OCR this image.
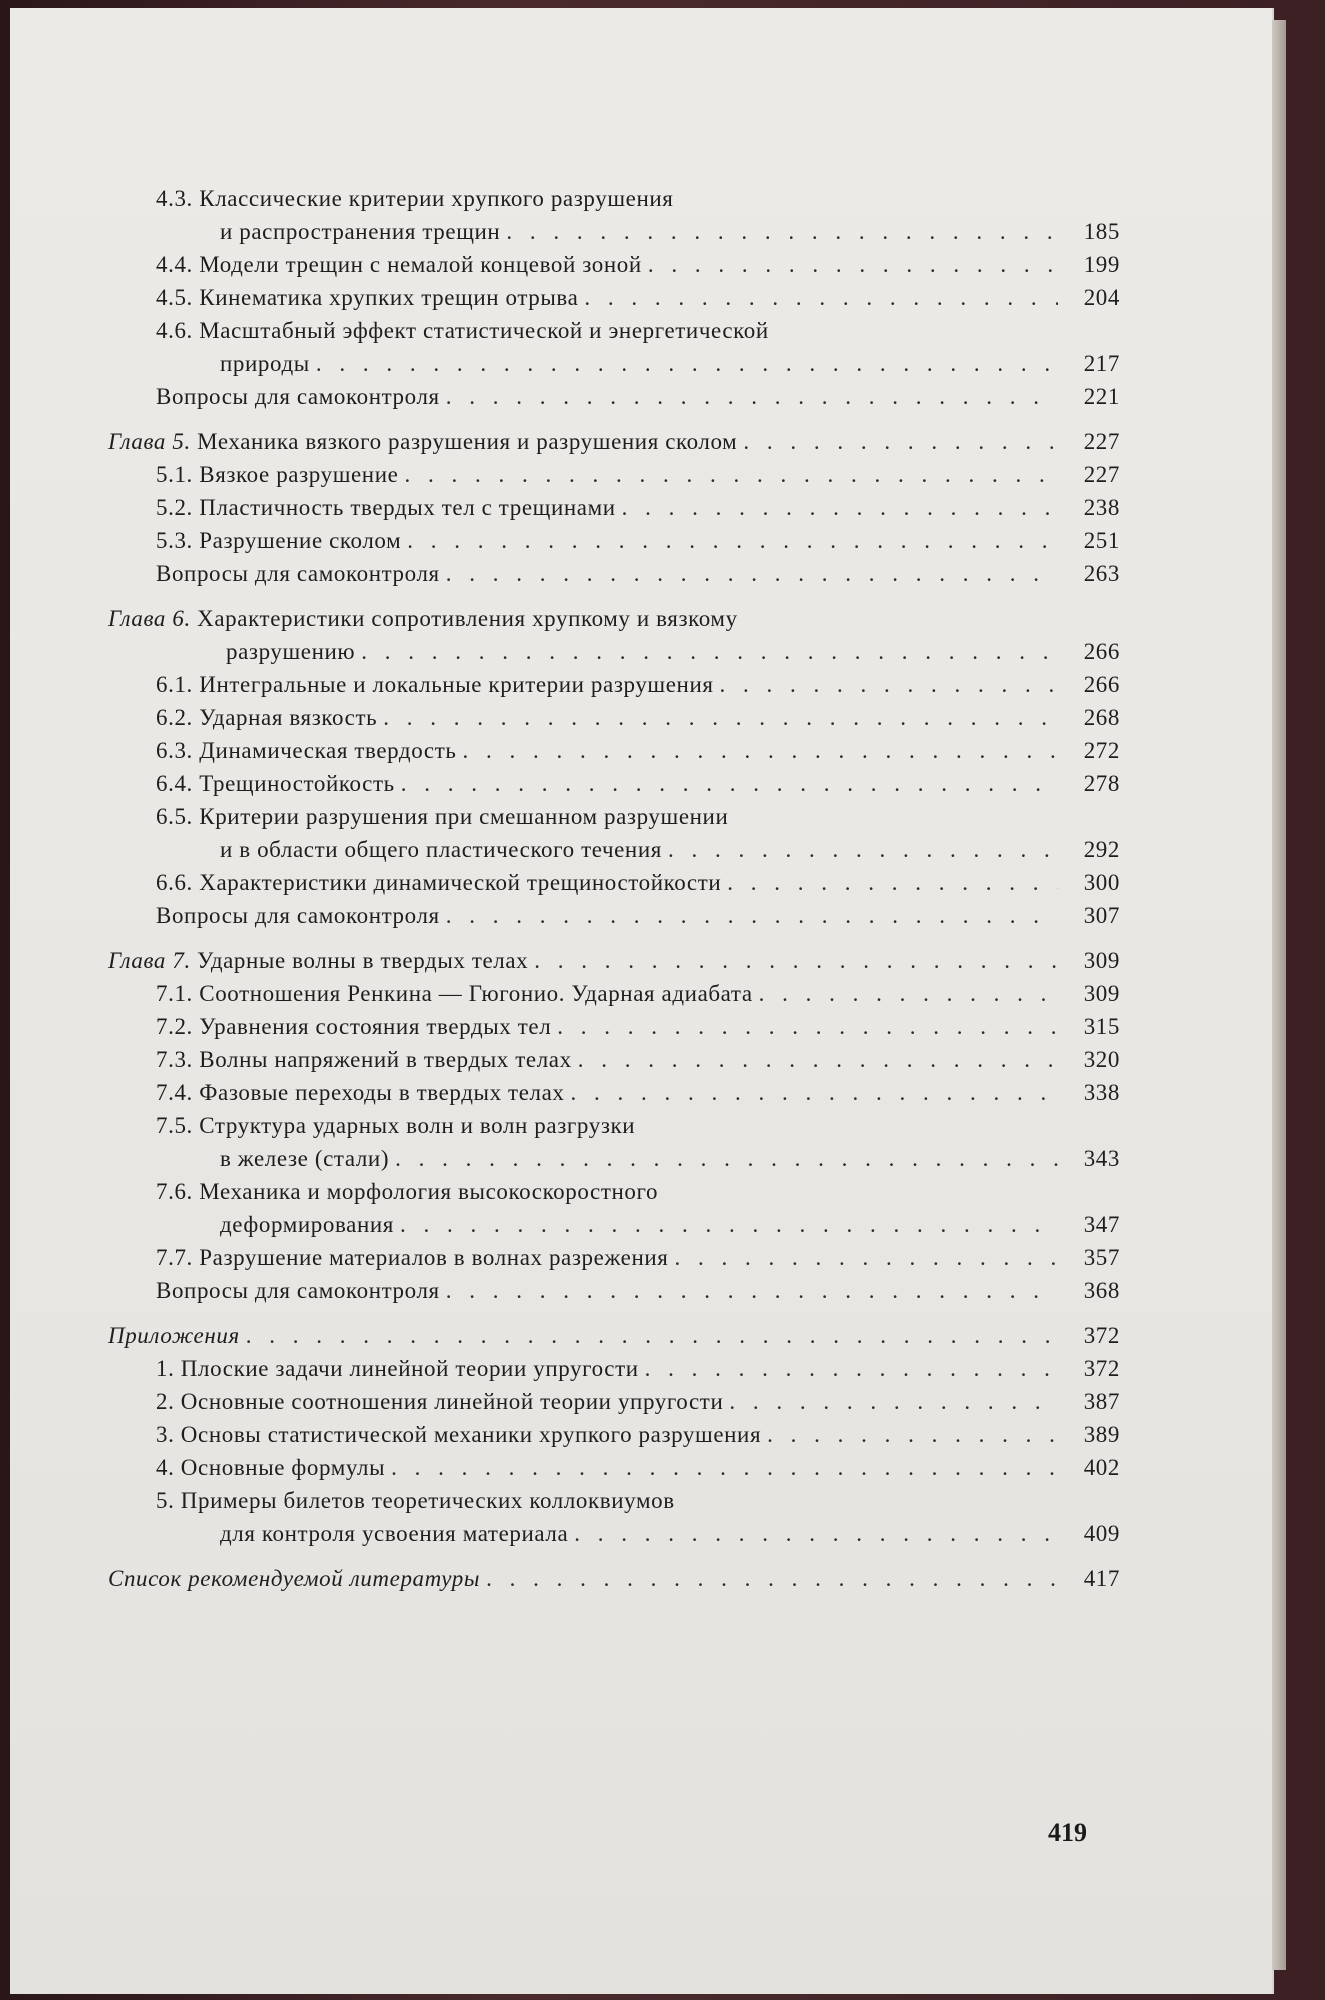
4.3. Классические критерии хрупкого разрушения
и распространения трещин . . .	185
4.4. Модели трещин с немалой концевой зоной . . .	199
4.5. Кинематика хрупких трещин отрыва . . .	204
4.6. Масштабный эффект статистической и энергетической
природы . . .	217
Вопросы для самоконтроля . . .	221
Глава 5. Механика вязкого разрушения и разрушения сколом . . .	227
5.1. Вязкое разрушение . . .	227
5.2. Пластичность твердых тел с трещинами . . .	238
5.3. Разрушение сколом . . .	251
Вопросы для самоконтроля . . .	263
Глава 6. Характеристики сопротивления хрупкому и вязкому
разрушению . . .	266
6.1. Интегральные и локальные критерии разрушения . . .	266
6.2. Ударная вязкость . . .	268
6.3. Динамическая твердость . . .	272
6.4. Трещиностойкость . . .	278
6.5. Критерии разрушения при смешанном разрушении
и в области общего пластического течения . . .	292
6.6. Характеристики динамической трещиностойкости . . .	300
Вопросы для самоконтроля . . .	307
Глава 7. Ударные волны в твердых телах . . .	309
7.1. Соотношения Ренкина — Гюгонио. Ударная адиабата . . .	309
7.2. Уравнения состояния твердых тел . . .	315
7.3. Волны напряжений в твердых телах . . .	320
7.4. Фазовые переходы в твердых телах . . .	338
7.5. Структура ударных волн и волн разгрузки
в железе (стали) . . .	343
7.6. Механика и морфология высокоскоростного
деформирования . . .	347
7.7. Разрушение материалов в волнах разрежения . . .	357
Вопросы для самоконтроля . . .	368
Приложения . . .	372
1. Плоские задачи линейной теории упругости . . .	372
2. Основные соотношения линейной теории упругости . . .	387
3. Основы статистической механики хрупкого разрушения . . .	389
4. Основные формулы . . .	402
5. Примеры билетов теоретических коллоквиумов
для контроля усвоения материала . . .	409
Список рекомендуемой литературы . . .	417
419
